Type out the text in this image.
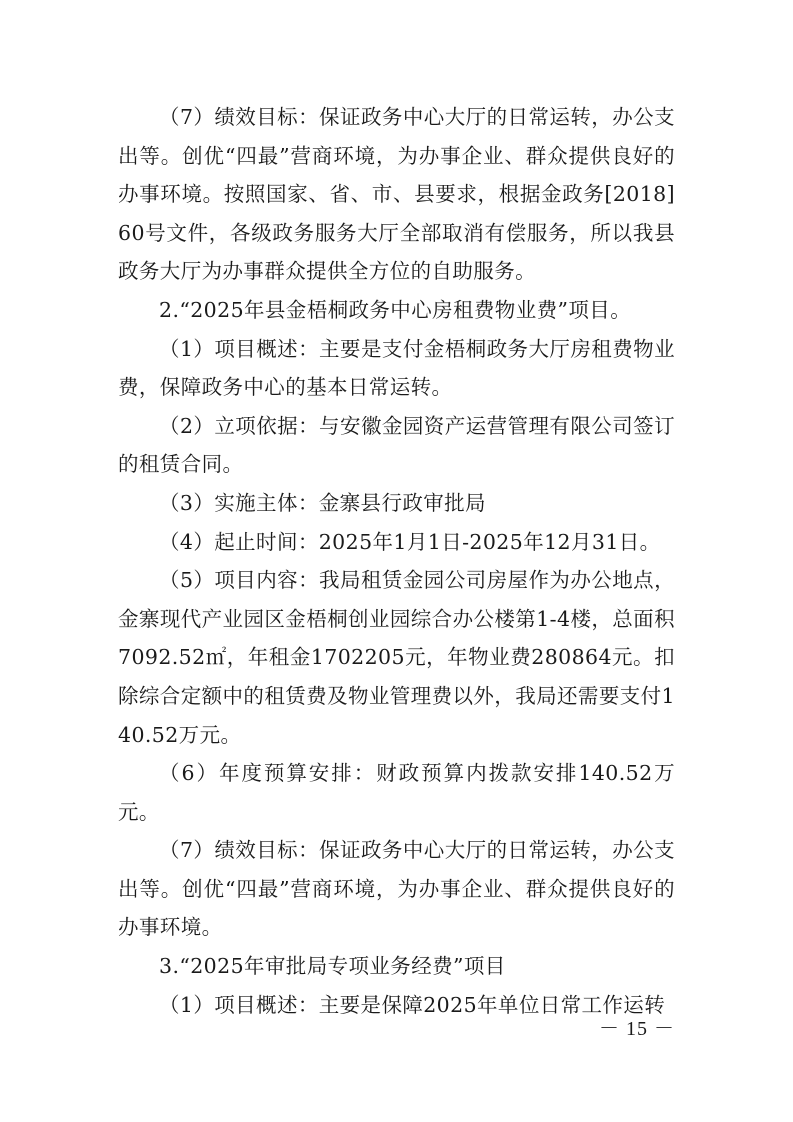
（7）绩效目标：保证政务中心大厅的日常运转，办公支出等。创优“四最”营商环境，为办事企业、群众提供良好的办事环境。按照国家、省、市、县要求，根据金政务[2018]60号文件，各级政务服务大厅全部取消有偿服务，所以我县政务大厅为办事群众提供全方位的自助服务。

2.“2025年县金梧桐政务中心房租费物业费”项目。

（1）项目概述：主要是支付金梧桐政务大厅房租费物业费，保障政务中心的基本日常运转。

（2）立项依据：与安徽金园资产运营管理有限公司签订的租赁合同。

（3）实施主体：金寨县行政审批局

（4）起止时间：2025年1月1日-2025年12月31日。

（5）项目内容：我局租赁金园公司房屋作为办公地点，金寨现代产业园区金梧桐创业园综合办公楼第1-4楼，总面积7092.52㎡，年租金1702205元，年物业费280864元。扣除综合定额中的租赁费及物业管理费以外，我局还需要支付140.52万元。

（6）年度预算安排：财政预算内拨款安排140.52万元。

（7）绩效目标：保证政务中心大厅的日常运转，办公支出等。创优“四最”营商环境，为办事企业、群众提供良好的办事环境。

3.“2025年审批局专项业务经费”项目

（1）项目概述：主要是保障2025年单位日常工作运转

－ 15 －
